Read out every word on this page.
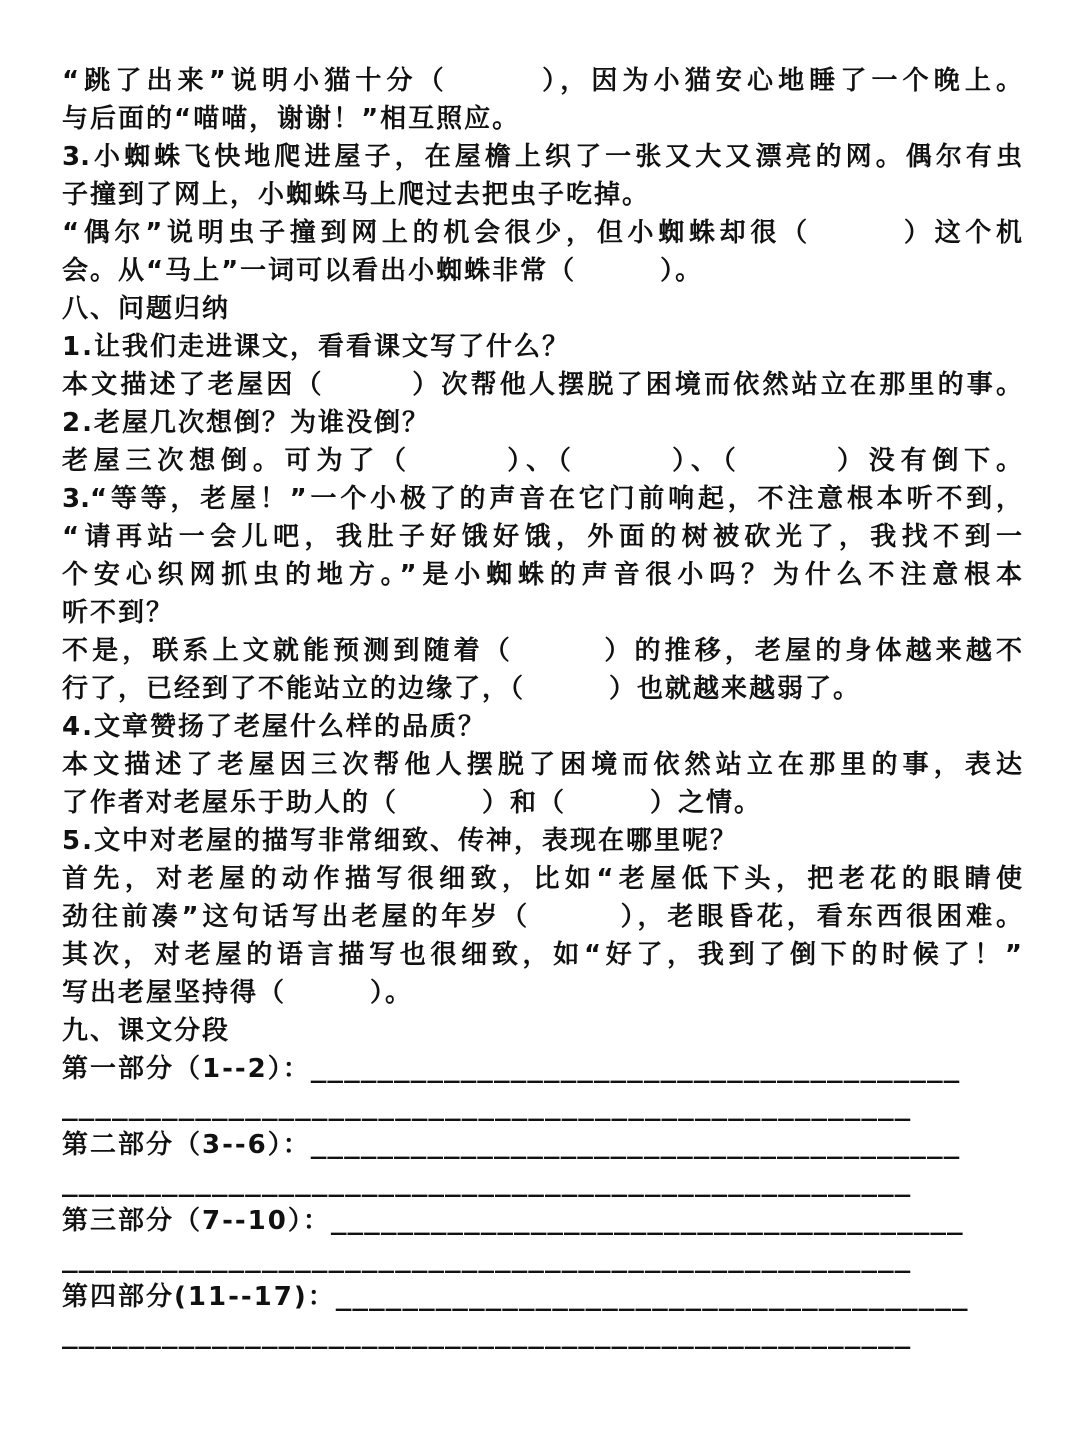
“跳了出来”说明小猫十分（　　　），因为小猫安心地睡了一个晚上。
与后面的“喵喵，谢谢！”相互照应。
3.小蜘蛛飞快地爬进屋子，在屋檐上织了一张又大又漂亮的网。偶尔有虫
子撞到了网上，小蜘蛛马上爬过去把虫子吃掉。
“偶尔”说明虫子撞到网上的机会很少，但小蜘蛛却很（　　　）这个机
会。从“马上”一词可以看出小蜘蛛非常（　　　）。
八、问题归纳
1.让我们走进课文，看看课文写了什么？
本文描述了老屋因（　　　）次帮他人摆脱了困境而依然站立在那里的事。
2.老屋几次想倒？为谁没倒？
老屋三次想倒。可为了（　　　）、（　　　）、（　　　）没有倒下。
3.“等等，老屋！”一个小极了的声音在它门前响起，不注意根本听不到，
“请再站一会儿吧，我肚子好饿好饿，外面的树被砍光了，我找不到一
个安心织网抓虫的地方。”是小蜘蛛的声音很小吗？为什么不注意根本
听不到？
不是，联系上文就能预测到随着（　　　）的推移，老屋的身体越来越不
行了，已经到了不能站立的边缘了，（　　　）也就越来越弱了。
4.文章赞扬了老屋什么样的品质？
本文描述了老屋因三次帮他人摆脱了困境而依然站立在那里的事，表达
了作者对老屋乐于助人的（　　　）和（　　　）之情。
5.文中对老屋的描写非常细致、传神，表现在哪里呢？
首先，对老屋的动作描写很细致，比如“老屋低下头，把老花的眼睛使
劲往前凑”这句话写出老屋的年岁（　　　），老眼昏花，看东西很困难。
其次，对老屋的语言描写也很细致，如“好了，我到了倒下的时候了！”
写出老屋坚持得（　　　）。
九、课文分段
第一部分（1--2）：_______________________________________
___________________________________________________
第二部分（3--6）：_______________________________________
___________________________________________________
第三部分（7--10）：______________________________________
___________________________________________________
第四部分(11--17)：______________________________________
___________________________________________________
